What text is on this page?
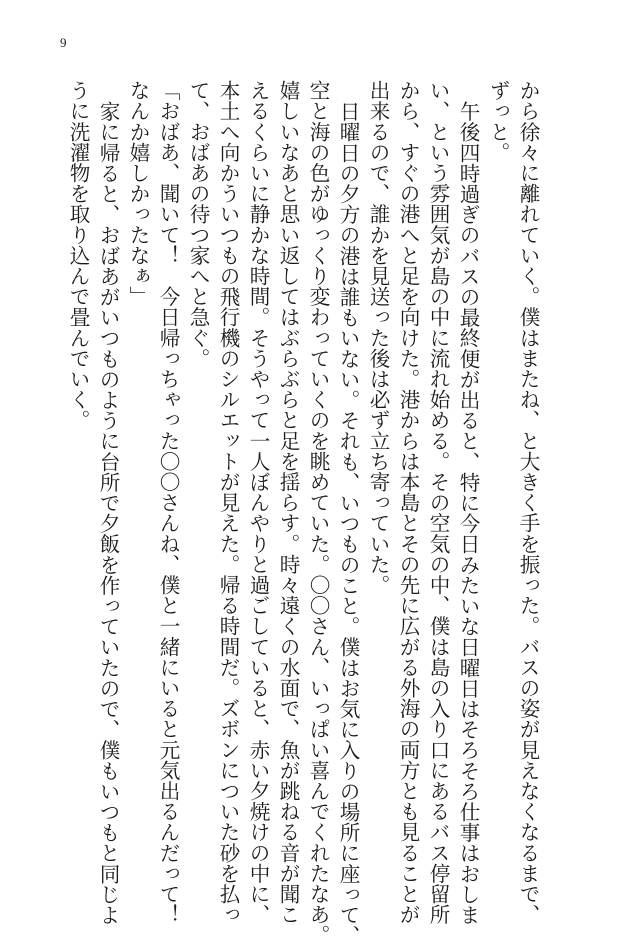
9

から徐々に離れていく。僕はまたね、と大きく手を振った。バスの姿が見えなくなるまで、

ずっと。

午後四時過ぎのバスの最終便が出ると、特に今日みたいな日曜日はそろそろ仕事はおしま

い、という雰囲気が島の中に流れ始める。その空気の中、僕は島の入り口にあるバス停留所

から、すぐの港へと足を向けた。港からは本島とその先に広がる外海の両方とも見ることが

出来るので、誰かを見送った後は必ず立ち寄っていた。

日曜日の夕方の港は誰もいない。それも、いつものこと。僕はお気に入りの場所に座って、

空と海の色がゆっくり変わっていくのを眺めていた。〇〇さん、いっぱい喜んでくれたなあ。

嬉しいなあと思い返してはぶらぶらと足を揺らす。時々遠くの水面で、魚が跳ねる音が聞こ

えるくらいに静かな時間。そうやって一人ぼんやりと過ごしていると、赤い夕焼けの中に、

本土へ向かういつもの飛行機のシルエットが見えた。帰る時間だ。ズボンについた砂を払っ

て、おばあの待つ家へと急ぐ。

「おばあ、聞いて！　今日帰っちゃった〇〇さんね、僕と一緒にいると元気出るんだって！

なんか嬉しかったなぁ」

家に帰ると、おばあがいつものように台所で夕飯を作っていたので、僕もいつもと同じよ

うに洗濯物を取り込んで畳んでいく。
